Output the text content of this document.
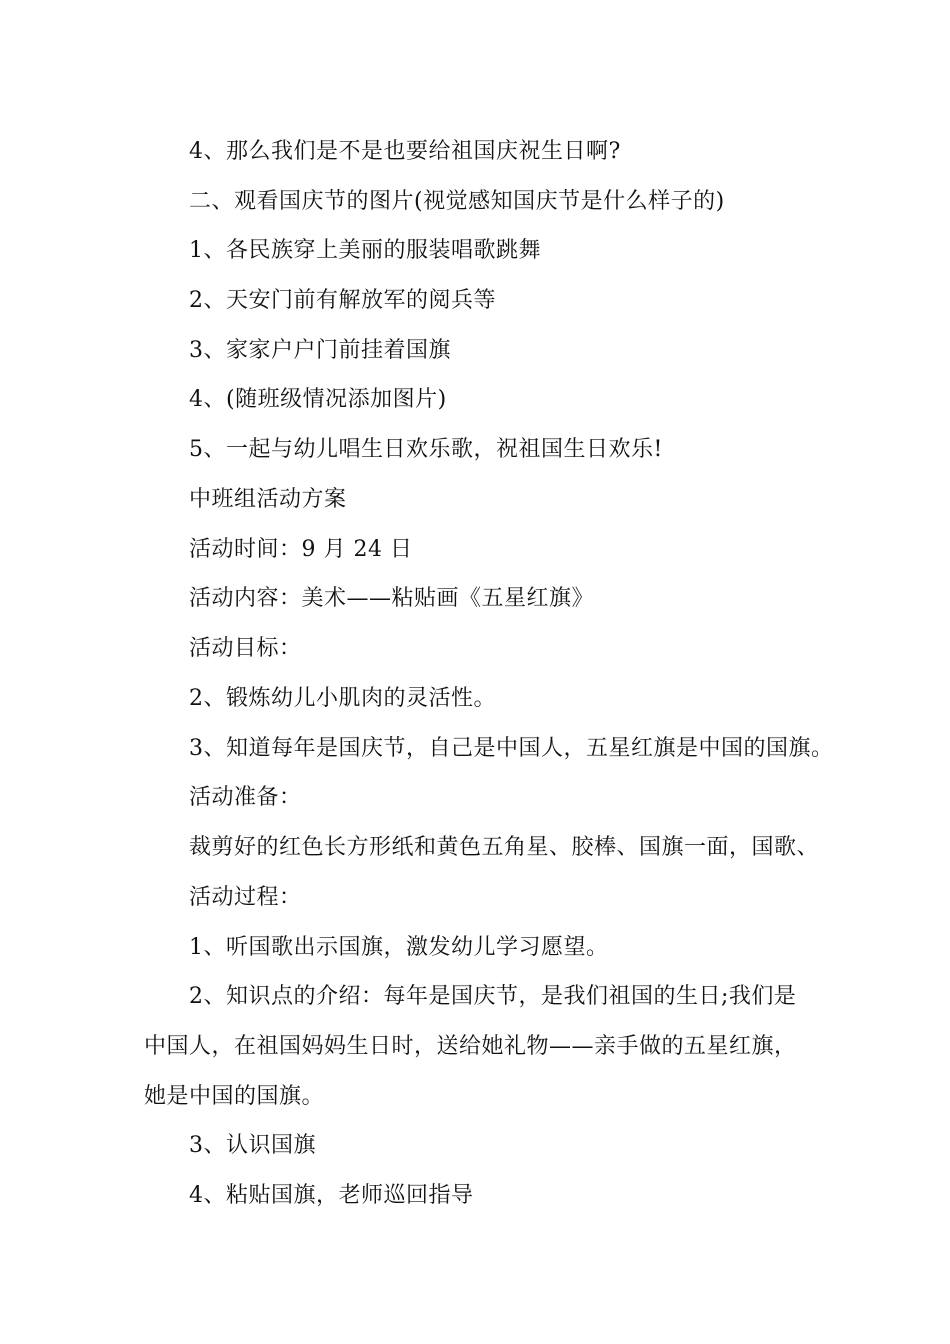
4、那么我们是不是也要给祖国庆祝生日啊?
二、观看国庆节的图片(视觉感知国庆节是什么样子的)
1、各民族穿上美丽的服装唱歌跳舞
2、天安门前有解放军的阅兵等
3、家家户户门前挂着国旗
4、(随班级情况添加图片)
5、一起与幼儿唱生日欢乐歌，祝祖国生日欢乐!
中班组活动方案
活动时间：9 月 24 日
活动内容：美术——粘贴画《五星红旗》
活动目标：
2、锻炼幼儿小肌肉的灵活性。
3、知道每年是国庆节，自己是中国人，五星红旗是中国的国旗。
活动准备：
裁剪好的红色长方形纸和黄色五角星、胶棒、国旗一面，国歌、
活动过程：
1、听国歌出示国旗，激发幼儿学习愿望。
2、知识点的介绍：每年是国庆节，是我们祖国的生日;我们是
中国人，在祖国妈妈生日时，送给她礼物——亲手做的五星红旗，
她是中国的国旗。
3、认识国旗
4、粘贴国旗，老师巡回指导
